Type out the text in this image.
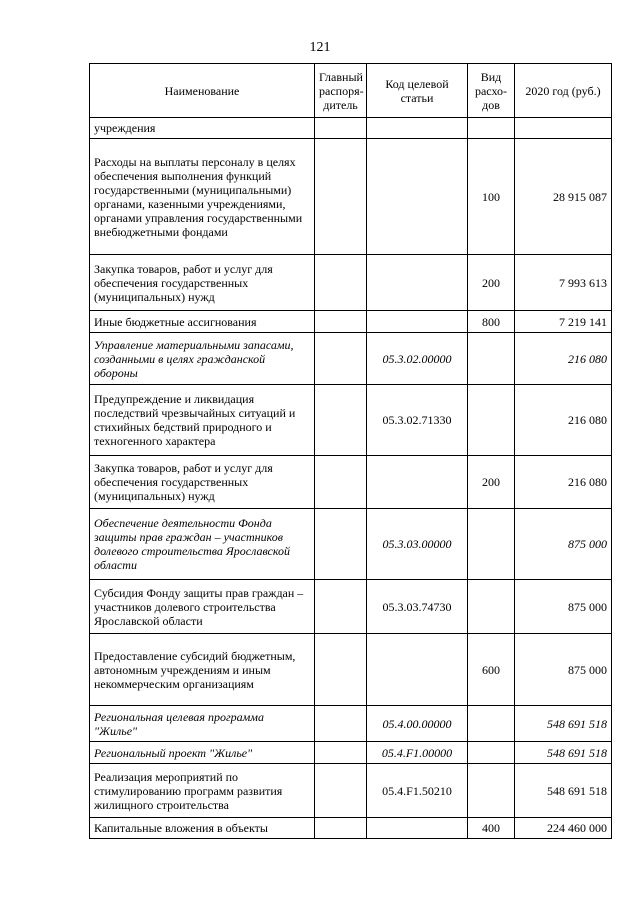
121
Наименование	Главный распоря-дитель	Код целевой статьи	Вид расхо-дов	2020 год (руб.)
учреждения				
Расходы на выплаты персоналу в целях обеспечения выполнения функций государственными (муниципальными) органами, казенными учреждениями, органами управления государственными внебюджетными фондами			100	28 915 087
Закупка товаров, работ и услуг для обеспечения государственных (муниципальных) нужд			200	7 993 613
Иные бюджетные ассигнования			800	7 219 141
Управление материальными запасами, созданными в целях гражданской обороны		05.3.02.00000		216 080
Предупреждение и ликвидация последствий чрезвычайных ситуаций и стихийных бедствий природного и техногенного характера		05.3.02.71330		216 080
Закупка товаров, работ и услуг для обеспечения государственных (муниципальных) нужд			200	216 080
Обеспечение деятельности Фонда защиты прав граждан – участников долевого строительства Ярославской области		05.3.03.00000		875 000
Субсидия Фонду защиты прав граждан – участников долевого строительства Ярославской области		05.3.03.74730		875 000
Предоставление субсидий бюджетным, автономным учреждениям и иным некоммерческим организациям			600	875 000
Региональная целевая программа "Жилье"		05.4.00.00000		548 691 518
Региональный проект "Жилье"		05.4.F1.00000		548 691 518
Реализация мероприятий по стимулированию программ развития жилищного строительства		05.4.F1.50210		548 691 518
Капитальные вложения в объекты			400	224 460 000
